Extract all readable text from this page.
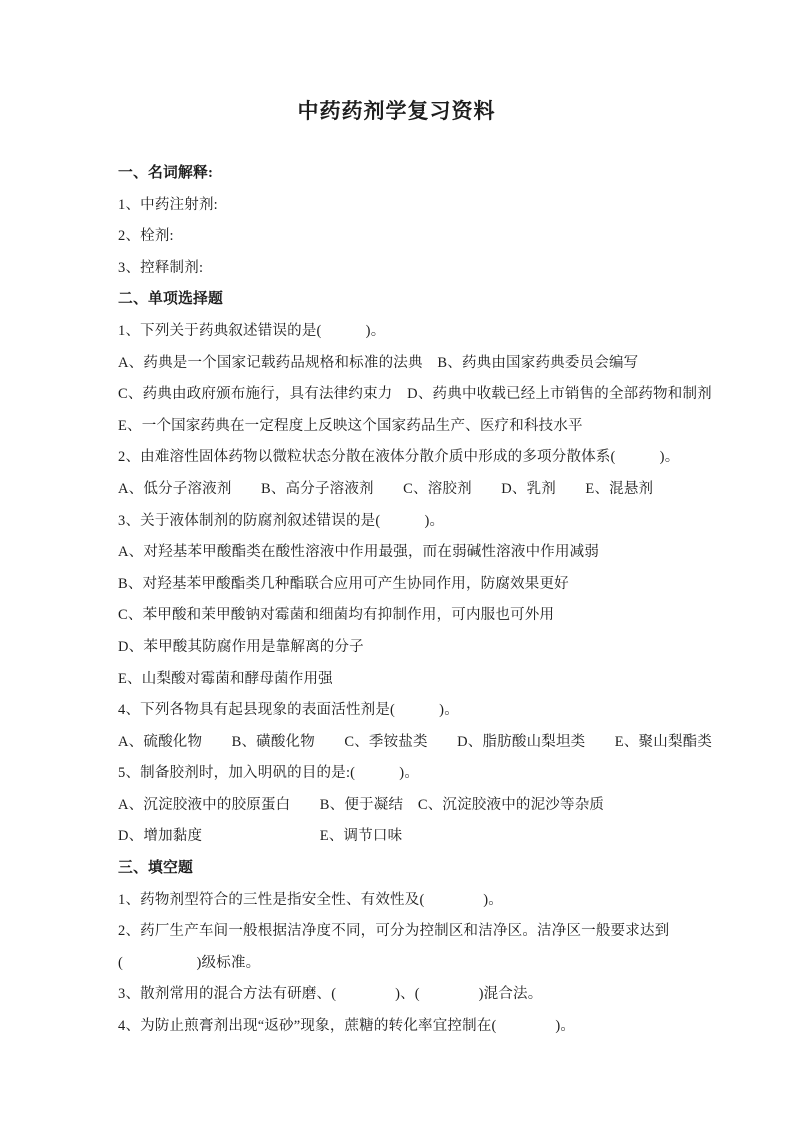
中药药剂学复习资料

一、名词解释:

1、中药注射剂:

2、栓剂:

3、控释制剂:

二、单项选择题

1、下列关于药典叙述错误的是(　　　)。

A、药典是一个国家记载药品规格和标准的法典　B、药典由国家药典委员会编写

C、药典由政府颁布施行，具有法律约束力　D、药典中收载已经上市销售的全部药物和制剂

E、一个国家药典在一定程度上反映这个国家药品生产、医疗和科技水平

2、由难溶性固体药物以微粒状态分散在液体分散介质中形成的多项分散体系(　　　)。

A、低分子溶液剂　　B、高分子溶液剂　　C、溶胶剂　　D、乳剂　　E、混悬剂

3、关于液体制剂的防腐剂叙述错误的是(　　　)。

A、对羟基苯甲酸酯类在酸性溶液中作用最强，而在弱碱性溶液中作用减弱

B、对羟基苯甲酸酯类几种酯联合应用可产生协同作用，防腐效果更好

C、苯甲酸和茉甲酸钠对霉菌和细菌均有抑制作用，可内服也可外用

D、苯甲酸其防腐作用是靠解离的分子

E、山梨酸对霉菌和酵母菌作用强

4、下列各物具有起县现象的表面活性剂是(　　　)。

A、硫酸化物　　B、磺酸化物　　C、季铵盐类　　D、脂肪酸山梨坦类　　E、聚山梨酯类

5、制备胶剂时，加入明矾的目的是:(　　　)。

A、沉淀胶液中的胶原蛋白　　B、便于凝结　C、沉淀胶液中的泥沙等杂质

D、增加黏度　　　　　　　　E、调节口味

三、填空题

1、药物剂型符合的三性是指安全性、有效性及(　　　　)。

2、药厂生产车间一般根据洁净度不同，可分为控制区和洁净区。洁净区一般要求达到

(　　　　　)级标准。

3、散剂常用的混合方法有研磨、(　　　　)、(　　　　)混合法。

4、为防止煎膏剂出现“返砂”现象，蔗糖的转化率宜控制在(　　　　)。
